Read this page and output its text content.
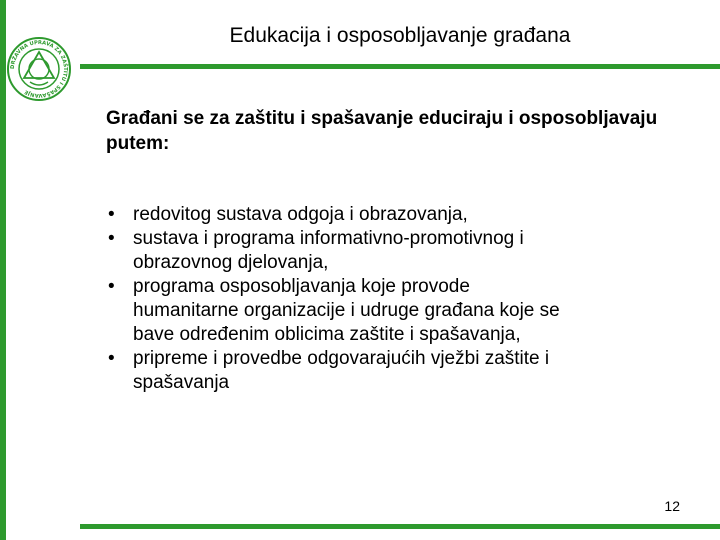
DRŽAVNA UPRAVA ZA ZAŠTITU I SPAŠAVANJE
Edukacija i osposobljavanje građana
Građani se za zaštitu i spašavanje educiraju i osposobljavaju putem:
• redovitog sustava odgoja i obrazovanja,
• sustava i programa informativno-promotivnog i
obrazovnog djelovanja,
• programa osposobljavanja koje provode
humanitarne organizacije i udruge građana koje se
bave određenim oblicima zaštite i spašavanja,
• pripreme i provedbe odgovarajućih vježbi zaštite i
spašavanja
12
